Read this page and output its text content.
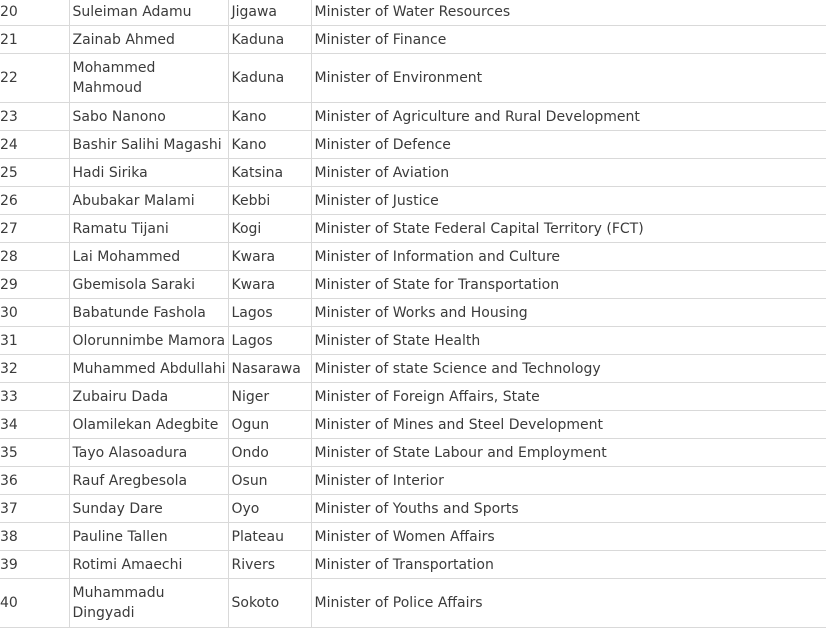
20	Suleiman Adamu	Jigawa	Minister of Water Resources
21	Zainab Ahmed	Kaduna	Minister of Finance
22	Mohammed Mahmoud	Kaduna	Minister of Environment
23	Sabo Nanono	Kano	Minister of Agriculture and Rural Development
24	Bashir Salihi Magashi	Kano	Minister of Defence
25	Hadi Sirika	Katsina	Minister of Aviation
26	Abubakar Malami	Kebbi	Minister of Justice
27	Ramatu Tijani	Kogi	Minister of State Federal Capital Territory (FCT)
28	Lai Mohammed	Kwara	Minister of Information and Culture
29	Gbemisola Saraki	Kwara	Minister of State for Transportation
30	Babatunde Fashola	Lagos	Minister of Works and Housing
31	Olorunnimbe Mamora	Lagos	Minister of State Health
32	Muhammed Abdullahi	Nasarawa	Minister of state Science and Technology
33	Zubairu Dada	Niger	Minister of Foreign Affairs, State
34	Olamilekan Adegbite	Ogun	Minister of Mines and Steel Development
35	Tayo Alasoadura	Ondo	Minister of State Labour and Employment
36	Rauf Aregbesola	Osun	Minister of Interior
37	Sunday Dare	Oyo	Minister of Youths and Sports
38	Pauline Tallen	Plateau	Minister of Women Affairs
39	Rotimi Amaechi	Rivers	Minister of Transportation
40	Muhammadu Dingyadi	Sokoto	Minister of Police Affairs
